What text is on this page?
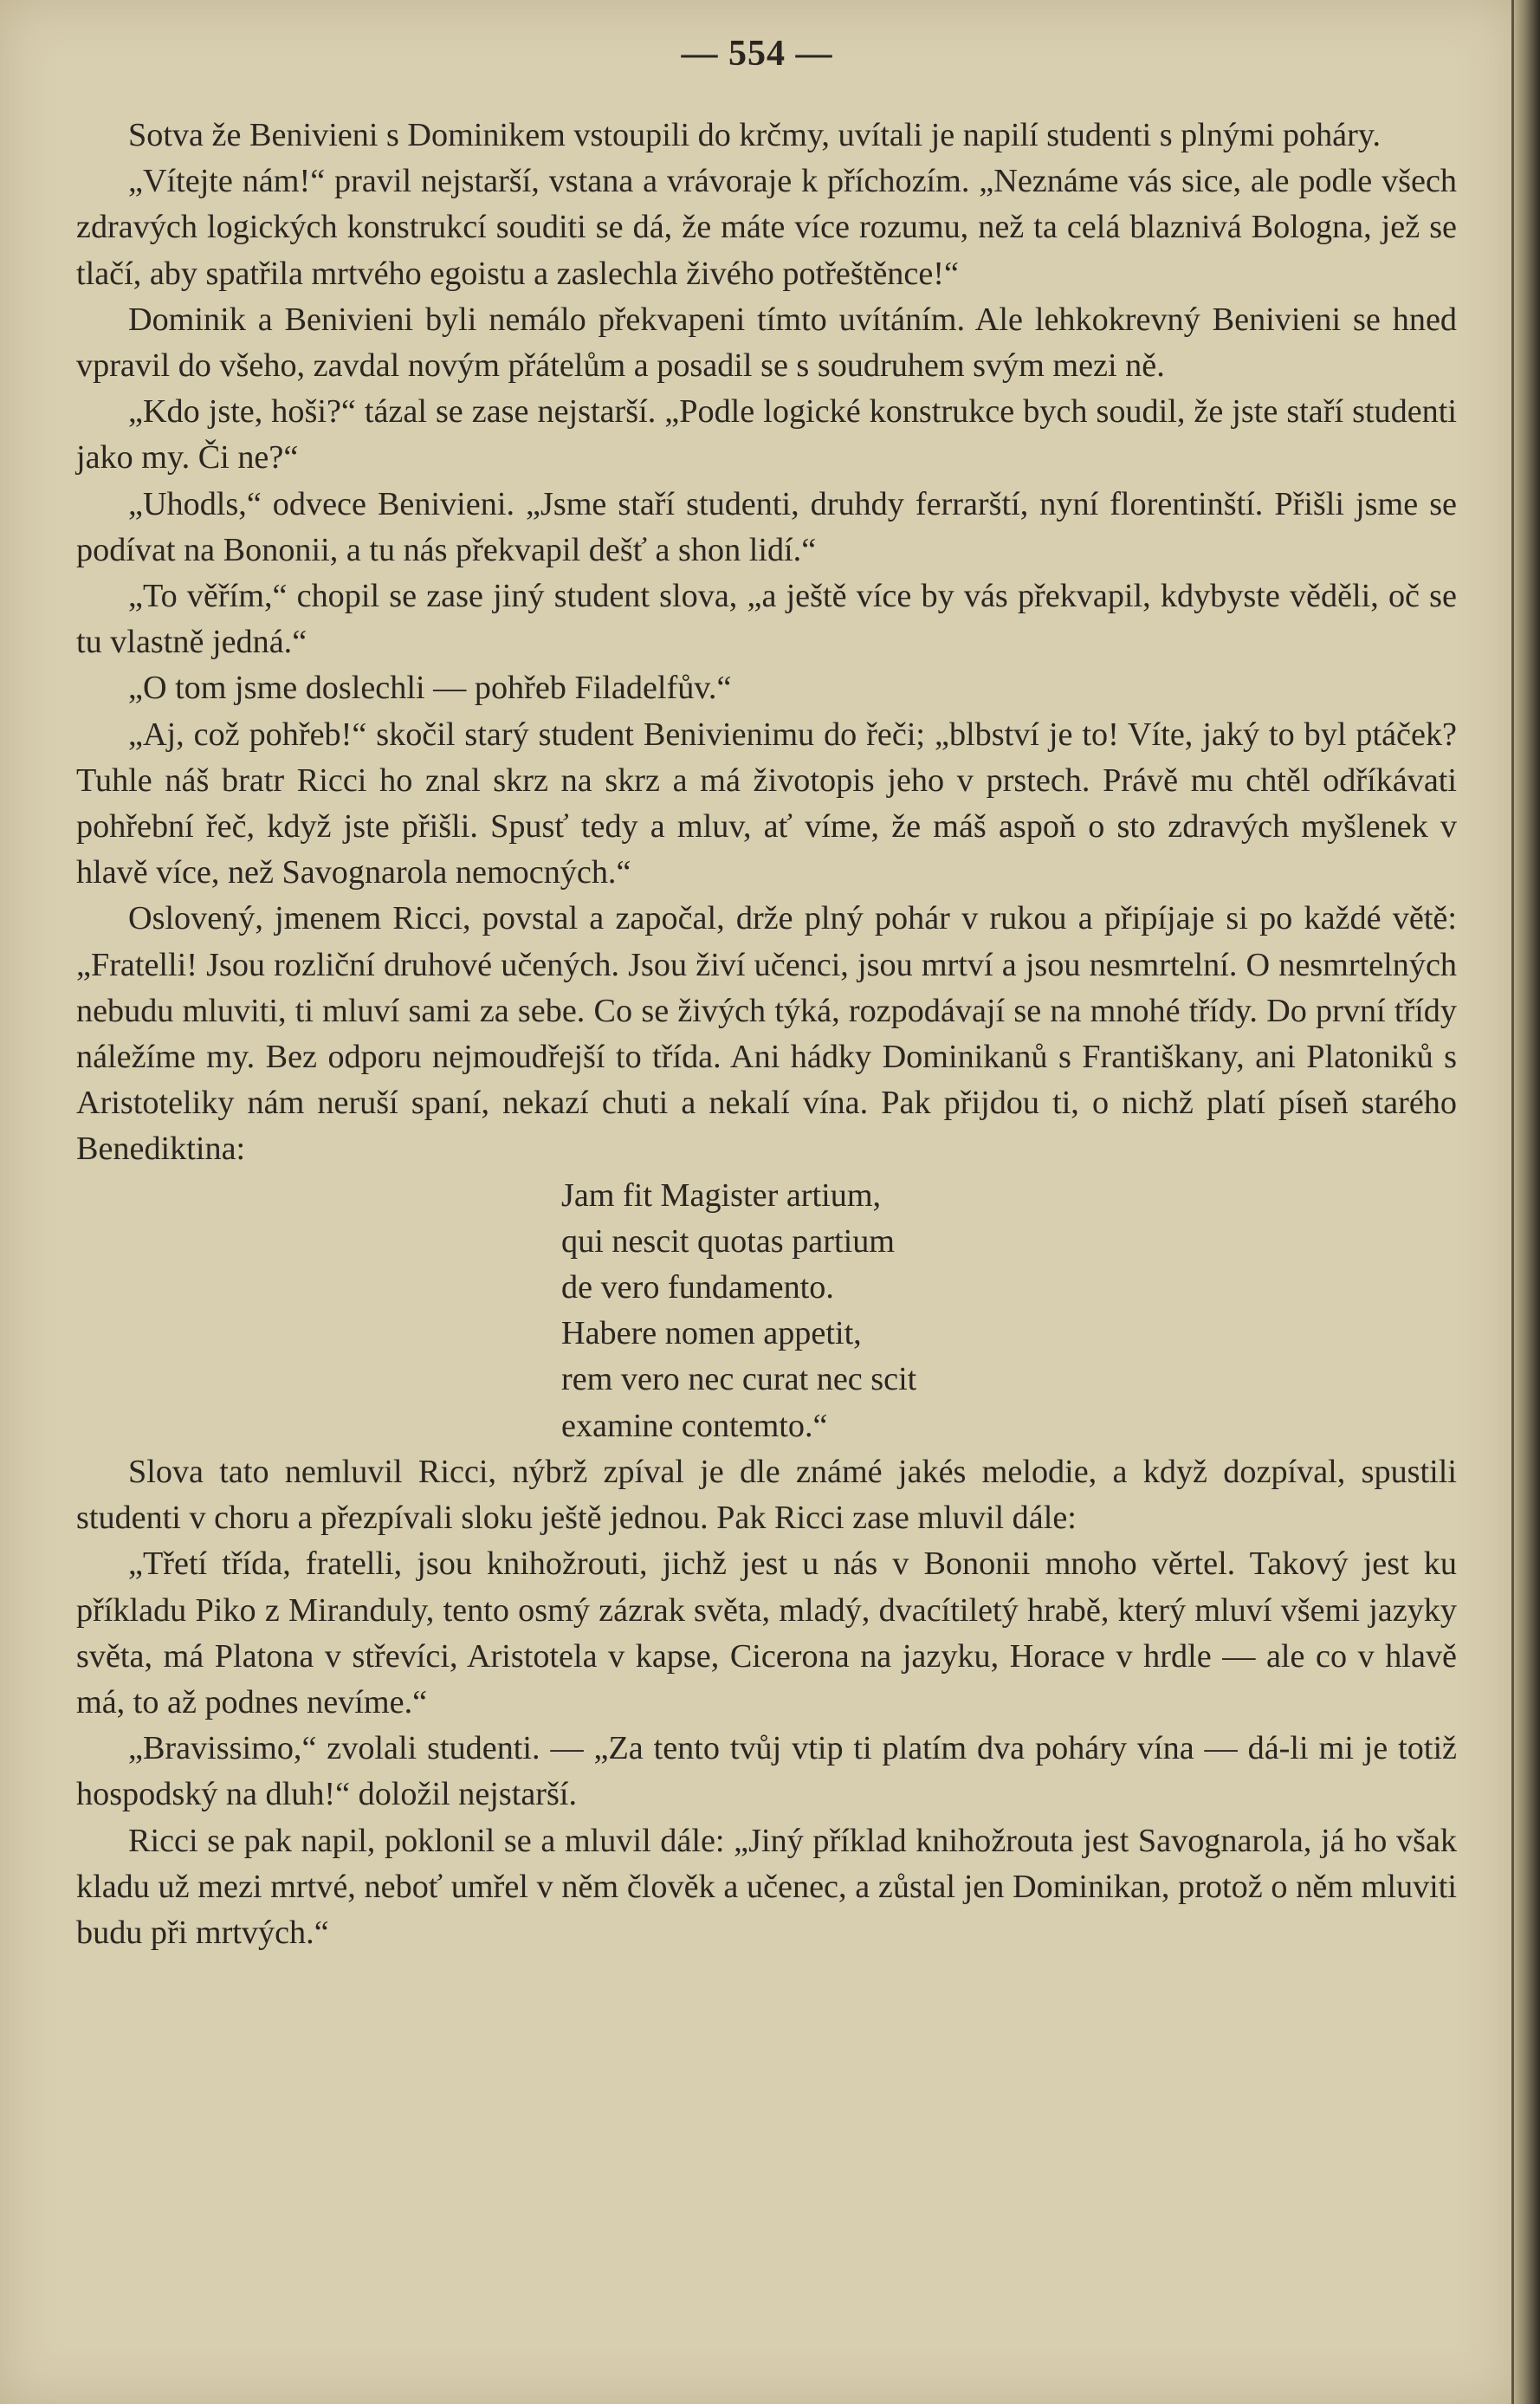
— 554 —

Sotva že Benivieni s Dominikem vstoupili do krčmy, uvítali je napilí studenti s plnými poháry.

„Vítejte nám!“ pravil nejstarší, vstana a vrávoraje k příchozím. „Neznáme vás sice, ale podle všech zdravých logických konstrukcí souditi se dá, že máte více rozumu, než ta celá blaznivá Bologna, jež se tlačí, aby spatřila mrtvého egoistu a zaslechla živého potřeštěnce!“

Dominik a Benivieni byli nemálo překvapeni tímto uvítáním. Ale lehkokrevný Benivieni se hned vpravil do všeho, zavdal novým přátelům a posadil se s soudruhem svým mezi ně.

„Kdo jste, hoši?“ tázal se zase nejstarší. „Podle logické konstrukce bych soudil, že jste staří studenti jako my. Či ne?“

„Uhodls,“ odvece Benivieni. „Jsme staří studenti, druhdy ferrarští, nyní florentinští. Přišli jsme se podívat na Bononii, a tu nás překvapil dešť a shon lidí.“

„To věřím,“ chopil se zase jiný student slova, „a ještě více by vás překvapil, kdybyste věděli, oč se tu vlastně jedná.“

„O tom jsme doslechli — pohřeb Filadelfův.“

„Aj, což pohřeb!“ skočil starý student Benivienimu do řeči; „blbství je to! Víte, jaký to byl ptáček? Tuhle náš bratr Ricci ho znal skrz na skrz a má životopis jeho v prstech. Právě mu chtěl odříkávati pohřební řeč, když jste přišli. Spusť tedy a mluv, ať víme, že máš aspoň o sto zdravých myšlenek v hlavě více, než Savognarola nemocných.“

Oslovený, jmenem Ricci, povstal a započal, drže plný pohár v rukou a připíjaje si po každé větě: „Fratelli! Jsou rozliční druhové učených. Jsou živí učenci, jsou mrtví a jsou nesmrtelní. O nesmrtelných nebudu mluviti, ti mluví sami za sebe. Co se živých týká, rozpodávají se na mnohé třídy. Do první třídy náležíme my. Bez odporu nejmoudřejší to třída. Ani hádky Dominikanů s Františkany, ani Platoniků s Aristoteliky nám neruší spaní, nekazí chuti a nekalí vína. Pak přijdou ti, o nichž platí píseň starého Benediktina:

Jam fit Magister artium,
qui nescit quotas partium
de vero fundamento.
Habere nomen appetit,
rem vero nec curat nec scit
examine contemto.“

Slova tato nemluvil Ricci, nýbrž zpíval je dle známé jakés melodie, a když dozpíval, spustili studenti v choru a přezpívali sloku ještě jednou. Pak Ricci zase mluvil dále:

„Třetí třída, fratelli, jsou knihožrouti, jichž jest u nás v Bononii mnoho věrtel. Takový jest ku příkladu Piko z Miranduly, tento osmý zázrak světa, mladý, dvacítiletý hrabě, který mluví všemi jazyky světa, má Platona v střevíci, Aristotela v kapse, Cicerona na jazyku, Horace v hrdle — ale co v hlavě má, to až podnes nevíme.“

„Bravissimo,“ zvolali studenti. — „Za tento tvůj vtip ti platím dva poháry vína — dá-li mi je totiž hospodský na dluh!“ doložil nejstarší.

Ricci se pak napil, poklonil se a mluvil dále: „Jiný příklad knihožrouta jest Savognarola, já ho však kladu už mezi mrtvé, neboť umřel v něm člověk a učenec, a zůstal jen Dominikan, protož o něm mluviti budu při mrtvých.“
